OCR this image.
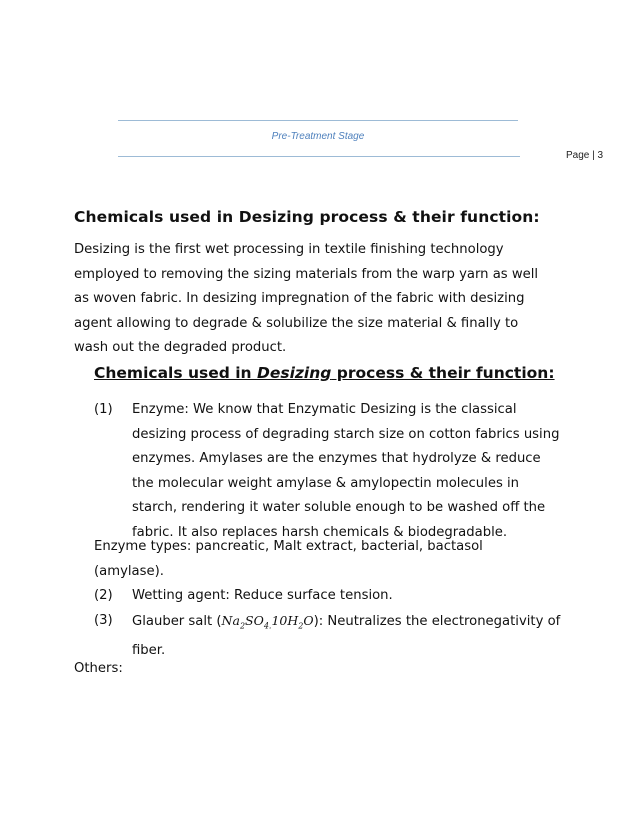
Pre-Treatment Stage
Page | 3
Chemicals used in Desizing process & their function:

Desizing is the first wet processing in textile finishing technology employed to removing the sizing materials from the warp yarn as well as woven fabric. In desizing impregnation of the fabric with desizing agent allowing to degrade & solubilize the size material & finally to wash out the degraded product.

Chemicals used in Desizing process & their function:
(1) Enzyme: We know that Enzymatic Desizing is the classical desizing process of degrading starch size on cotton fabrics using enzymes. Amylases are the enzymes that hydrolyze & reduce the molecular weight amylase & amylopectin molecules in starch, rendering it water soluble enough to be washed off the fabric. It also replaces harsh chemicals & biodegradable.
Enzyme types: pancreatic, Malt extract, bacterial, bactasol (amylase).
(2) Wetting agent: Reduce surface tension.
(3) Glauber salt $(Na_2SO_{4.}10H_2O)$: Neutralizes the electronegativity of fiber.
Others:
